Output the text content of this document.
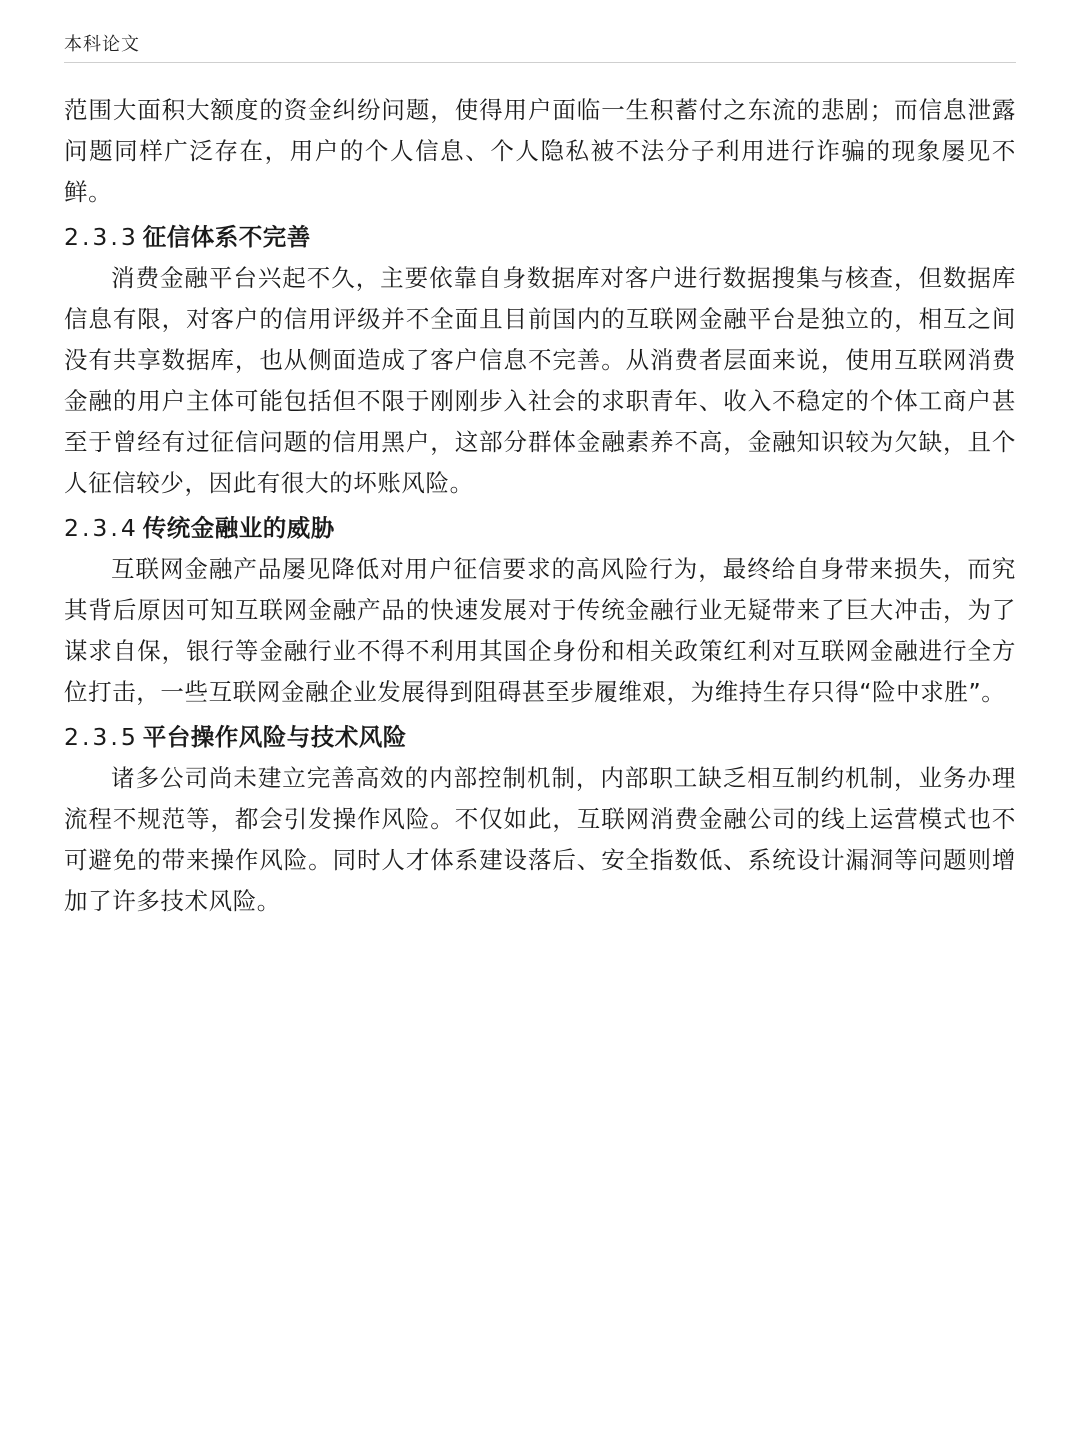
本科论文

范围大面积大额度的资金纠纷问题，使得用户面临一生积蓄付之东流的悲剧；而信息泄露问题同样广泛存在，用户的个人信息、个人隐私被不法分子利用进行诈骗的现象屡见不鲜。

2.3.3 征信体系不完善

消费金融平台兴起不久，主要依靠自身数据库对客户进行数据搜集与核查，但数据库信息有限，对客户的信用评级并不全面且目前国内的互联网金融平台是独立的，相互之间没有共享数据库，也从侧面造成了客户信息不完善。从消费者层面来说，使用互联网消费金融的用户主体可能包括但不限于刚刚步入社会的求职青年、收入不稳定的个体工商户甚至于曾经有过征信问题的信用黑户，这部分群体金融素养不高，金融知识较为欠缺，且个人征信较少，因此有很大的坏账风险。

2.3.4 传统金融业的威胁

互联网金融产品屡见降低对用户征信要求的高风险行为，最终给自身带来损失，而究其背后原因可知互联网金融产品的快速发展对于传统金融行业无疑带来了巨大冲击，为了谋求自保，银行等金融行业不得不利用其国企身份和相关政策红利对互联网金融进行全方位打击，一些互联网金融企业发展得到阻碍甚至步履维艰，为维持生存只得“险中求胜”。

2.3.5 平台操作风险与技术风险

诸多公司尚未建立完善高效的内部控制机制，内部职工缺乏相互制约机制，业务办理流程不规范等，都会引发操作风险。不仅如此，互联网消费金融公司的线上运营模式也不可避免的带来操作风险。同时人才体系建设落后、安全指数低、系统设计漏洞等问题则增加了许多技术风险。
